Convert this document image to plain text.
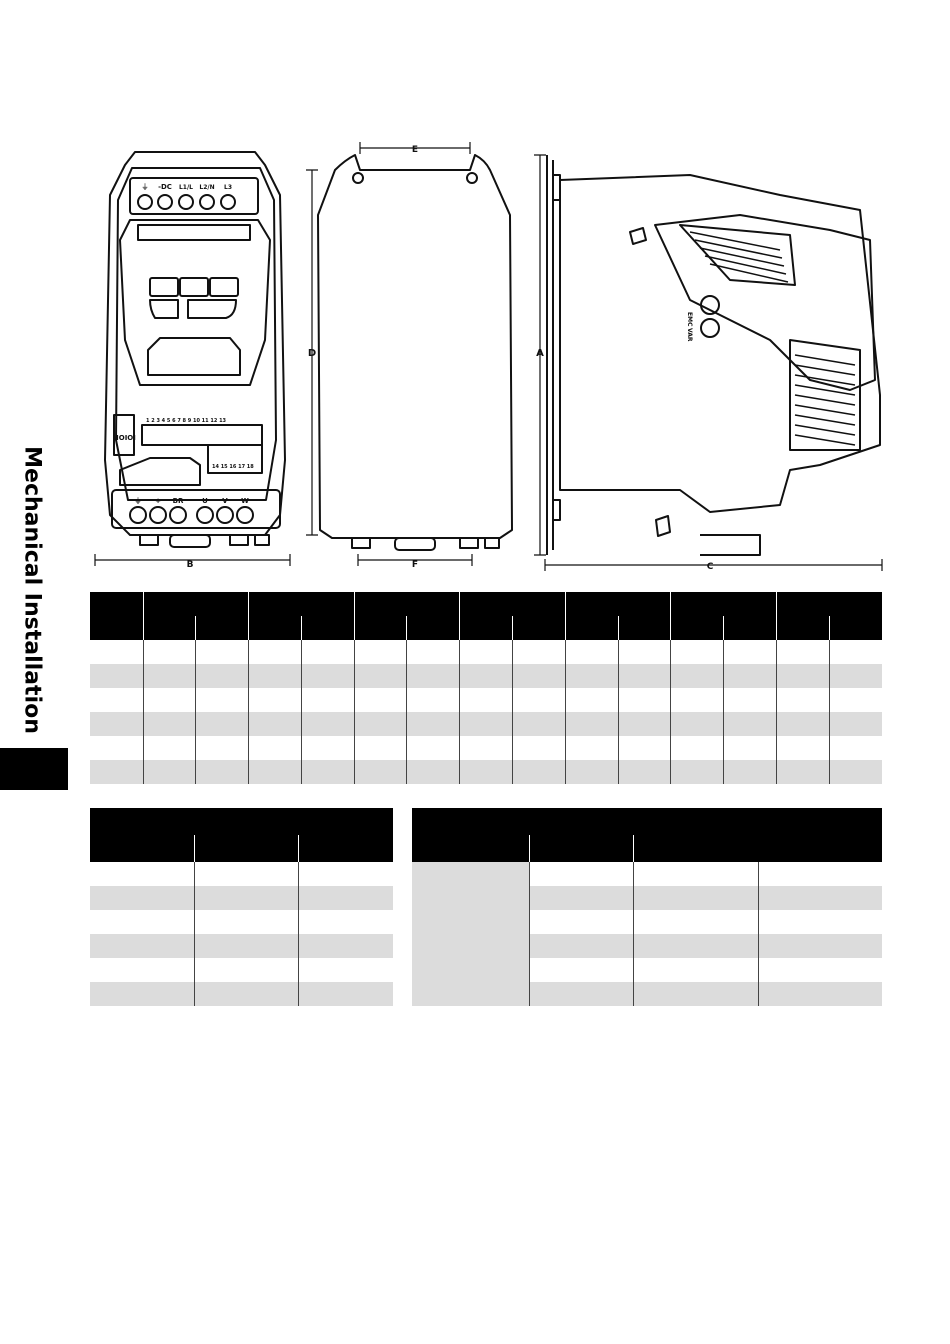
Mechanical Installation	B
D
E
F
A
C
⏚ -DC L1/L L2/N L3
IOIOI
⏚ + BR	U V W
1 2 3 4 5 6 7 8 9 10 11 12 13
14 15 16 17 18
EMC
VAR
